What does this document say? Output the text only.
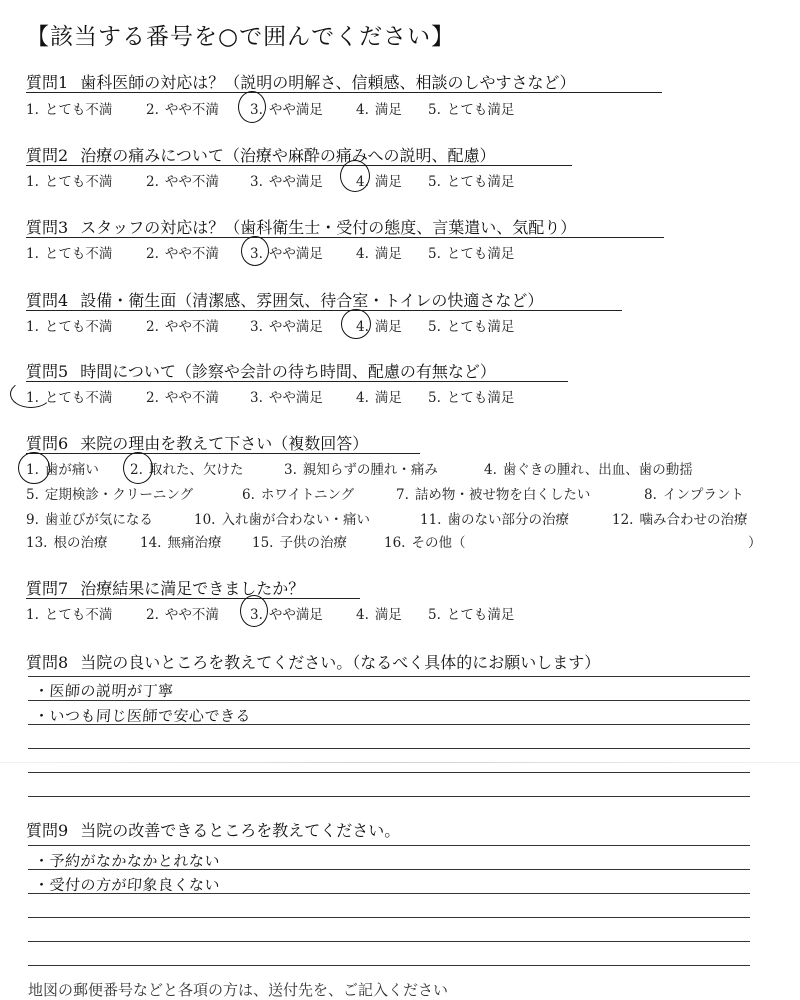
【該当する番号を○で囲んでください】
質問1 歯科医師の対応は？（説明の明解さ、信頼感、相談のしやすさなど）
1. とても不満 2. やや不満 3. やや満足 4. 満足 5. とても満足
質問2 治療の痛みについて（治療や麻酔の痛みへの説明、配慮）
1. とても不満 2. やや不満 3. やや満足 4. 満足 5. とても満足
質問3 スタッフの対応は？（歯科衛生士・受付の態度、言葉遣い、気配り）
1. とても不満 2. やや不満 3. やや満足 4. 満足 5. とても満足
質問4 設備・衛生面（清潔感、雰囲気、待合室・トイレの快適さなど）
1. とても不満 2. やや不満 3. やや満足 4. 満足 5. とても満足
質問5 時間について（診察や会計の待ち時間、配慮の有無など）
1. とても不満 2. やや不満 3. やや満足 4. 満足 5. とても満足
質問6 来院の理由を教えて下さい（複数回答）
1. 歯が痛い 2. 取れた、欠けた	3. 親知らずの腫れ・痛み	4. 歯ぐきの腫れ、出血、歯の動揺
5. 定期検診・クリーニング	6. ホワイトニング	7. 詰め物・被せ物を白くしたい	8. インプラント
9. 歯並びが気になる	10. 入れ歯が合わない・痛い	11. 歯のない部分の治療	12. 噛み合わせの治療
13. 根の治療 14. 無痛治療 15. 子供の治療	16. その他（	）
質問7 治療結果に満足できましたか？
1. とても不満 2. やや不満 3. やや満足 4. 満足 5. とても満足
質問8 当院の良いところを教えてください。（なるべく具体的にお願いします）
・医師の説明が丁寧
・いつも同じ医師で安心できる
質問9 当院の改善できるところを教えてください。
・予約がなかなかとれない
・受付の方が印象良くない
地図の郵便番号などと各項の方は、送付先を、ご記入ください
